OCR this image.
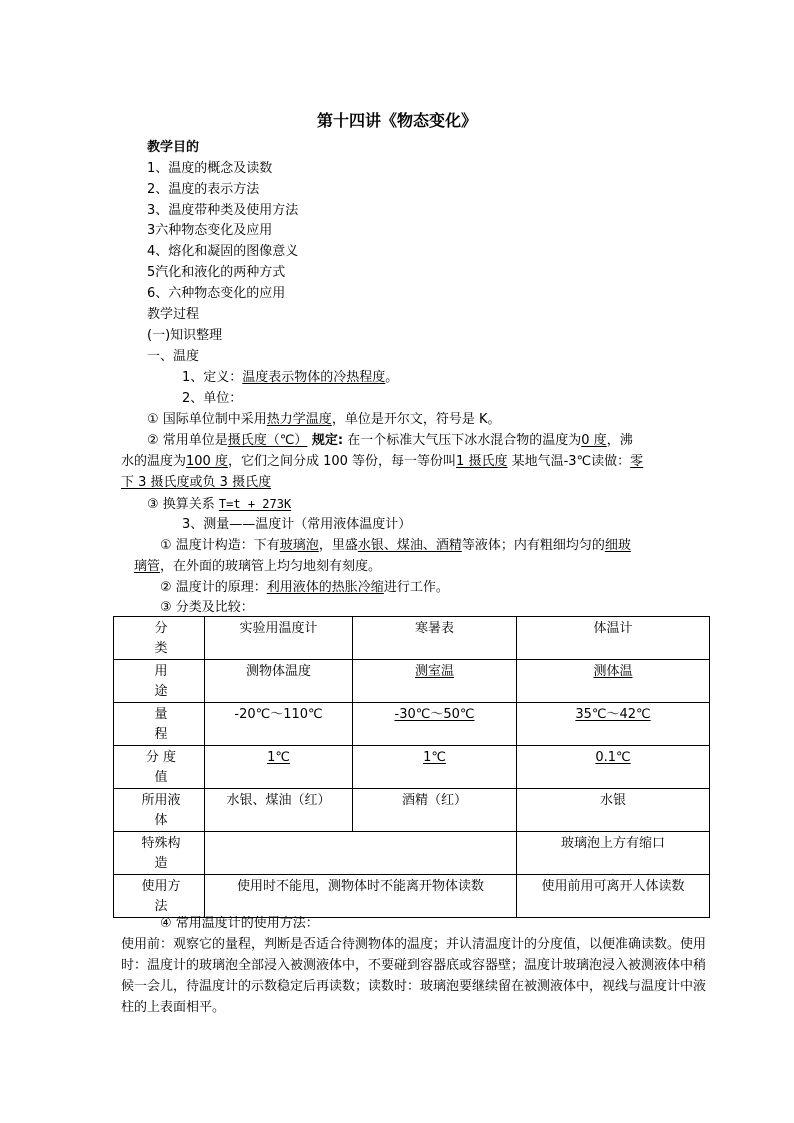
第十四讲《物态变化》
教学目的
1、温度的概念及读数
2、温度的表示方法
3、温度带种类及使用方法
3六种物态变化及应用
4、熔化和凝固的图像意义
5汽化和液化的两种方式
6、六种物态变化的应用
教学过程
(一)知识整理
一、温度
1、定义：温度表示物体的冷热程度。
2、单位：
① 国际单位制中采用热力学温度，单位是开尔文，符号是 K。
② 常用单位是摄氏度（℃） 规定: 在一个标准大气压下冰水混合物的温度为0 度，沸
水的温度为100 度，它们之间分成 100 等份，每一等份叫1 摄氏度 某地气温-3℃读做：零
下 3 摄氏度或负 3 摄氏度
③ 换算关系 T=t + 273K
3、测量——温度计（常用液体温度计）
① 温度计构造：下有玻璃泡，里盛水银、煤油、酒精等液体；内有粗细均匀的细玻
璃管，在外面的玻璃管上均匀地刻有刻度。
② 温度计的原理：利用液体的热胀冷缩进行工作。
③ 分类及比较：
分
类	实验用温度计	寒暑表	体温计

用
途	测物体温度	测室温	测体温

量
程	-20℃～110℃	-30℃～50℃	35℃～42℃

分 度
值	1℃	1℃	0.1℃

所用液
体	水银、煤油（红）	酒精（红）	水银

特殊构
造			玻璃泡上方有缩口

使用方
法	使用时不能甩，测物体时不能离开物体读数		使用前用可离开人体读数
④ 常用温度计的使用方法：
使用前：观察它的量程，判断是否适合待测物体的温度；并认清温度计的分度值，以便准确读数。使用时：温度计的玻璃泡全部浸入被测液体中，不要碰到容器底或容器壁；温度计玻璃泡浸入被测液体中稍候一会儿，待温度计的示数稳定后再读数；读数时：玻璃泡要继续留在被测液体中，视线与温度计中液柱的上表面相平。
